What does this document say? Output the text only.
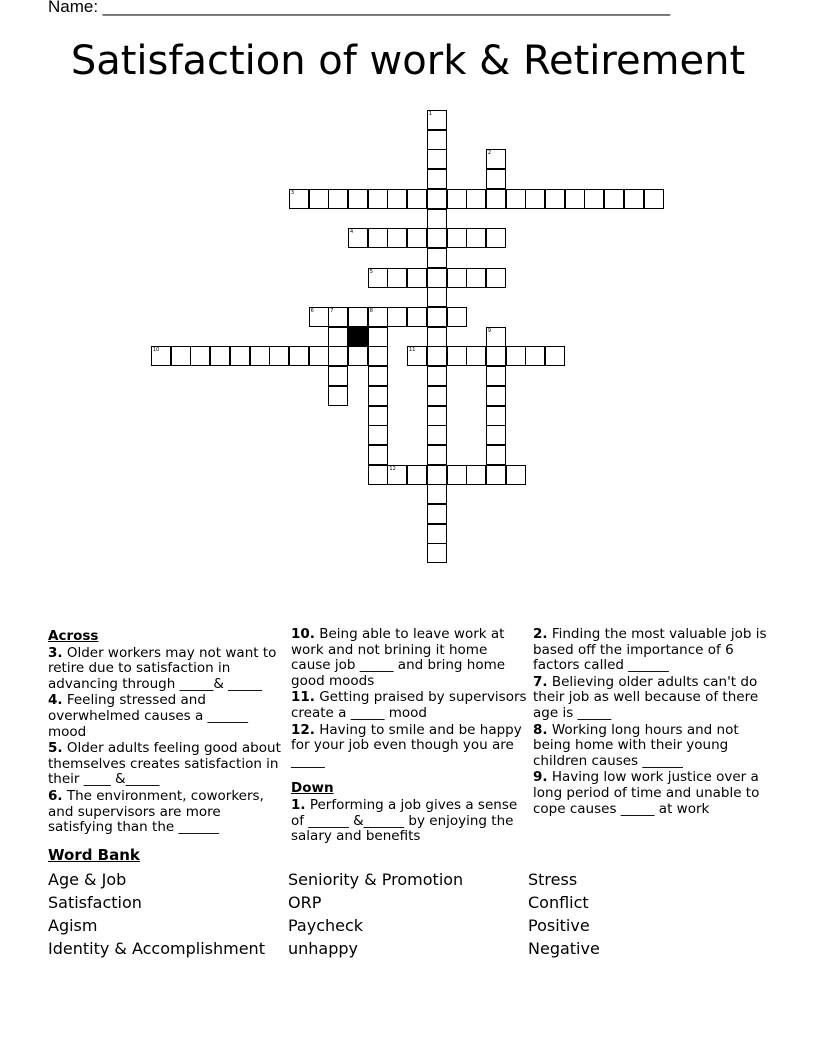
Name: ____________________________________________________________
Satisfaction of work & Retirement
3
4
5
6	7	8
10	11
12
1
2
9
Across
3. Older workers may not want to retire due to satisfaction in advancing through _____& _____
4. Feeling stressed and overwhelmed causes a ______ mood
5. Older adults feeling good about themselves creates satisfaction in their ____ &_____
6. The environment, coworkers, and supervisors are more satisfying than the ______
10. Being able to leave work at work and not brining it home cause job _____ and bring home good moods
11. Getting praised by supervisors create a _____ mood
12. Having to smile and be happy for your job even though you are _____
Down
1. Performing a job gives a sense of ______ &______ by enjoying the salary and benefits
2. Finding the most valuable job is based off the importance of 6 factors called ______
7. Believing older adults can't do their job as well because of there age is _____
8. Working long hours and not being home with their young children causes ______
9. Having low work justice over a long period of time and unable to cope causes _____ at work
Word Bank
Age & Job
Satisfaction
Agism
Identity & Accomplishment
Seniority & Promotion
ORP
Paycheck
unhappy
Stress
Conflict
Positive
Negative
